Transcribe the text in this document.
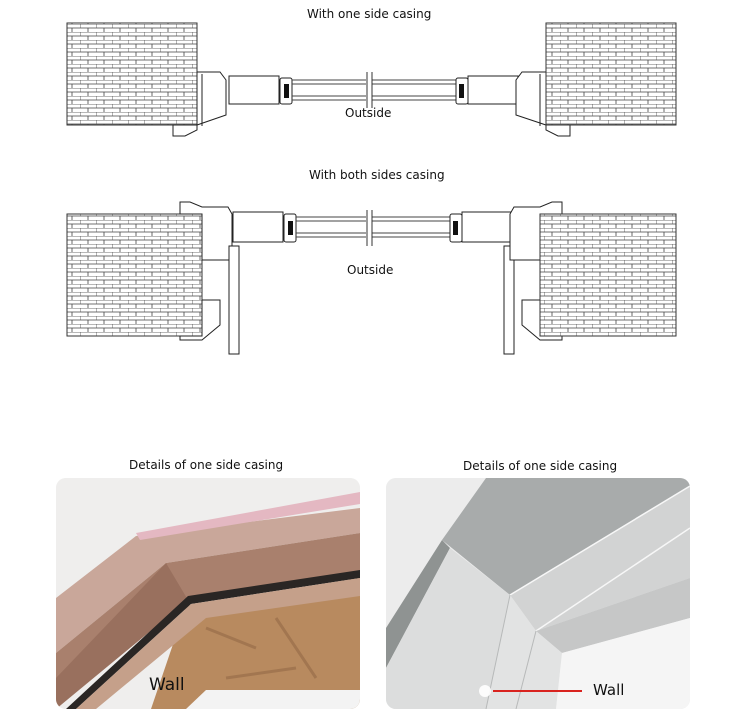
With one side casing
Outside
With both sides casing
Outside
Details of one side casing	Details of one side casing
Wall	Wall
